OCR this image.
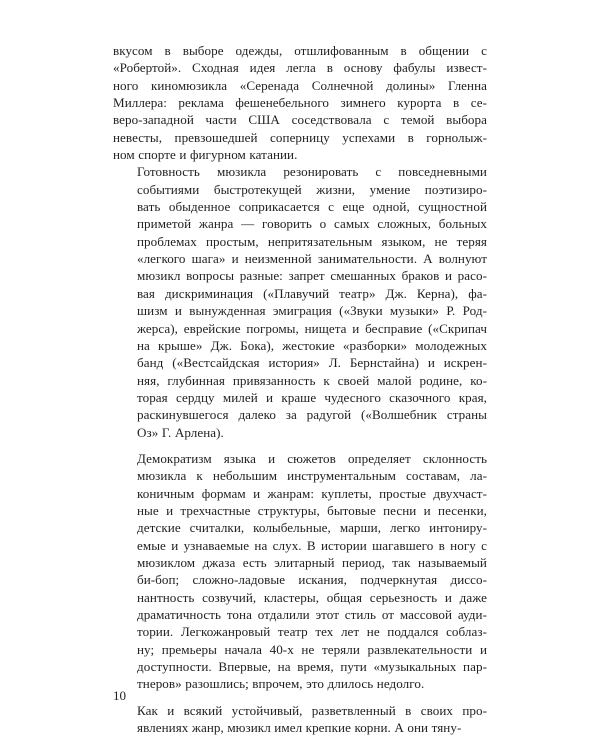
вкусом в выборе одежды, отшлифованным в общении с
«Робертой». Сходная идея легла в основу фабулы извест-
ного киномюзикла «Серенада Солнечной долины» Гленна
Миллера: реклама фешенебельного зимнего курорта в се-
веро-западной части США соседствовала с темой выбора
невесты, превзошедшей соперницу успехами в горнолыж-
ном спорте и фигурном катании.

Готовность мюзикла резонировать с повседневными
событиями быстротекущей жизни, умение поэтизиро-
вать обыденное соприкасается с еще одной, сущностной
приметой жанра — говорить о самых сложных, больных
проблемах простым, непритязательным языком, не теряя
«легкого шага» и неизменной занимательности. А волнуют
мюзикл вопросы разные: запрет смешанных браков и расо-
вая дискриминация («Плавучий театр» Дж. Керна), фа-
шизм и вынужденная эмиграция («Звуки музыки» Р. Род-
жерса), еврейские погромы, нищета и бесправие («Скрипач
на крыше» Дж. Бока), жестокие «разборки» молодежных
банд («Вестсайдская история» Л. Бернстайна) и искрен-
няя, глубинная привязанность к своей малой родине, ко-
торая сердцу милей и краше чудесного сказочного края,
раскинувшегося далеко за радугой («Волшебник страны
Оз» Г. Арлена).

Демократизм языка и сюжетов определяет склонность
мюзикла к небольшим инструментальным составам, ла-
коничным формам и жанрам: куплеты, простые двухчаст-
ные и трехчастные структуры, бытовые песни и песенки,
детские считалки, колыбельные, марши, легко интониру-
емые и узнаваемые на слух. В истории шагавшего в ногу с
мюзиклом джаза есть элитарный период, так называемый
би-боп; сложно-ладовые искания, подчеркнутая диссо-
нантность созвучий, кластеры, общая серьезность и даже
драматичность тона отдалили этот стиль от массовой ауди-
тории. Легкожанровый театр тех лет не поддался соблаз-
ну; премьеры начала 40-х не теряли развлекательности и
доступности. Впервые, на время, пути «музыкальных пар-
тнеров» разошлись; впрочем, это длилось недолго.

Как и всякий устойчивый, разветвленный в своих про-
явлениях жанр, мюзикл имел крепкие корни. А они тяну-

10
